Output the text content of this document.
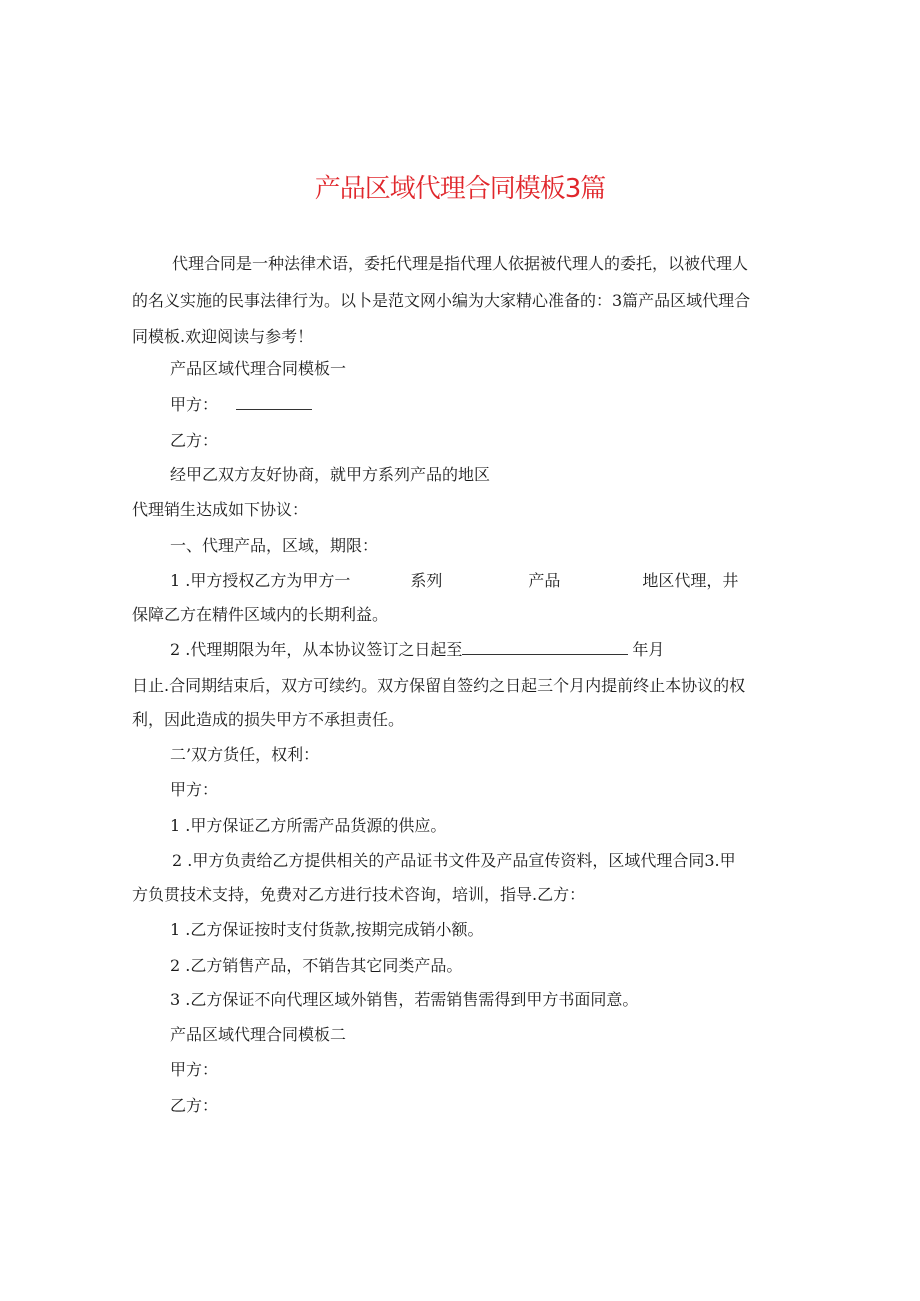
产品区域代理合同模板3篇
代理合同是一种法律术语，委托代理是指代理人依据被代理人的委托，以被代理人
的名义实施的民事法律行为。以卜是范文网小编为大家精心准备的：3篇产品区域代理合
同模板.欢迎阅读与参考！
产品区域代理合同模板一
甲方：
乙方：
经甲乙双方友好协商，就甲方系列产品的地区
代理销生达成如下协议：
一、代理产品，区域，期限：
1 .甲方授权乙方为甲方一	系列	产品	地区代理，井
保障乙方在精件区域内的长期利益。
2 .代理期限为年，从本协议签订之日起至	年月
日止.合同期结束后，双方可续约。双方保留自签约之日起三个月内提前终止本协议的权
利，因此造成的损失甲方不承担责任。
二’双方货任，权利：
甲方：
1 .甲方保证乙方所需产品货源的供应。
2 .甲方负责给乙方提供相关的产品证书文件及产品宣传资料，区域代理合同3.甲
方负贯技术支持，免费对乙方进行技术咨询，培训，指导.乙方：
1 .乙方保证按时支付货款,按期完成销小额。
2 .乙方销售产品，不销告其它同类产品。
3 .乙方保证不向代理区域外销售，若需销售需得到甲方书面同意。
产品区域代理合同模板二
甲方：
乙方：
